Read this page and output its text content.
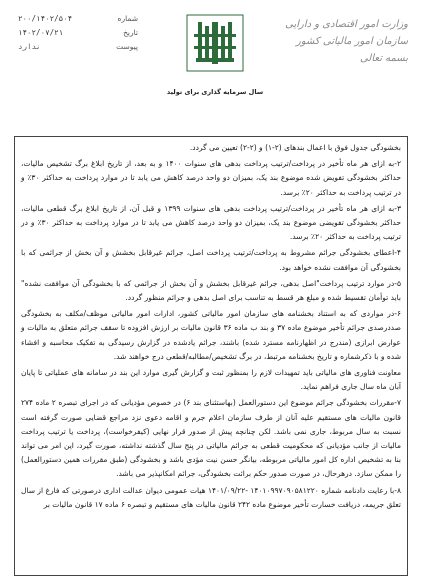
شماره
۲۰۰/۱۴۰۲/۵۰۴
تاریخ
۱۴۰۲/۰۷/۲۱
پیوست
ندارد
وزارت امور اقتصادی و دارایی
سازمان امور مالیاتی کشور
بسمه تعالی
سال سرمایه گذاری برای تولید

بخشودگی جدول فوق با اعمال بندهای (۲-۱) و (۲-۲) تعیین می گردد.

۲-به ازای هر ماه تأخیر در پرداخت/ترتیب پرداخت بدهی های سنوات ۱۴۰۰ و به بعد، از تاریخ ابلاغ برگ تشخیص مالیات، حداکثر بخشودگی تفویض شده موضوع بند یک، بمیزان دو واحد درصد کاهش می یابد تا در موارد پرداخت به حداکثر ۳۰٪ و در ترتیب پرداخت به حداکثر ۲۰٪ برسد.

۳-به ازای هر ماه تأخیر در پرداخت/ترتیب پرداخت بدهی های سنوات ۱۳۹۹ و قبل آن، از تاریخ ابلاغ برگ قطعی مالیات، حداکثر بخشودگی تفویضی موضوع بند یک، بمیزان دو واحد درصد کاهش می یابد تا در موارد پرداخت به حداکثر ۳۰٪ و در ترتیب پرداخت به حداکثر ۲۰٪ برسد.

۴-اعطای بخشودگی جرائم مشروط به پرداخت/ترتیب پرداخت اصل، جرائم غیرقابل بخشش و آن بخش از جرائمی که با بخشودگی آن موافقت نشده خواهد بود.

۵-در موارد ترتیب پرداخت"اصل بدهی، جرائم غیرقابل بخشش و آن بخش از جرائمی که با بخشودگی آن موافقت نشده" باید توأمان تقسیط شده و مبلغ هر قسط به تناسب برای اصل بدهی و جرائم منظور گردد.

۶-در مواردی که به استناد بخشنامه های سازمان امور مالیاتی کشور، ادارات امور مالیاتی موظف/مکلف به بخشودگی صددرصدی جرائم تأخیر موضوع ماده ۳۷ و بند ب ماده ۳۶ قانون مالیات بر ارزش افزوده تا سقف جرائم متعلق به مالیات و عوارض ابرازی (مندرج در اظهارنامه مسترد شده) باشند، جرائم یادشده در گزارش رسیدگی به تفکیک محاسبه و افشاء شده و با ذکرشماره و تاریخ بخشنامه مرتبط، در برگ تشخیص/مطالبه/قطعی درج خواهند شد.

معاونت فناوری های مالیاتی باید تمهیدات لازم را بمنظور ثبت و گزارش گیری موارد این بند در سامانه های عملیاتی تا پایان آبان ماه سال جاری فراهم نماید.

۷-مقررات بخشودگی جرائم موضوع این دستورالعمل (بهاستثنای بند ۶) در خصوص مؤدیانی که در اجرای تبصره ۲ ماده ۲۷۴ قانون مالیات های مستقیم علیه آنان از طرف سازمان اعلام جرم و اقامه دعوی نزد مراجع قضایی صورت گرفته است نسبت به سال مربوط، جاری نمی باشد. لکن چنانچه پیش از صدور قرار نهایی (کیفرخواست)، پرداخت یا ترتیب پرداخت مالیات از جانب مؤدیانی که محکومیت قطعی به جرائم مالیاتی در پنج سال گذشته نداشته، صورت گیرد، این امر می تواند بنا به تشخیص اداره کل امور مالیاتی مربوطه، بیانگر حسن نیت مؤدی باشد و بخشودگی (طبق مقررات همین دستورالعمل) را ممکن سازد. درهرحال، در صورت صدور حکم برائت بخشودگی، جرائم امکانپذیر می باشد.

۸-با رعایت دادنامه شماره ۱۴۰۱۰۹۹۷۰۹۰۵۸۱۲۲۰ -۱۴۰۱/۰۹/۲۲ هیات عمومی دیوان عدالت اداری درصورتی که فارغ از سال تعلق جریمه، دریافت خسارت تأخیر موضوع ماده ۲۴۲ قانون مالیات های مستقیم و تبصره ۶ ماده ۱۷ قانون مالیات بر
